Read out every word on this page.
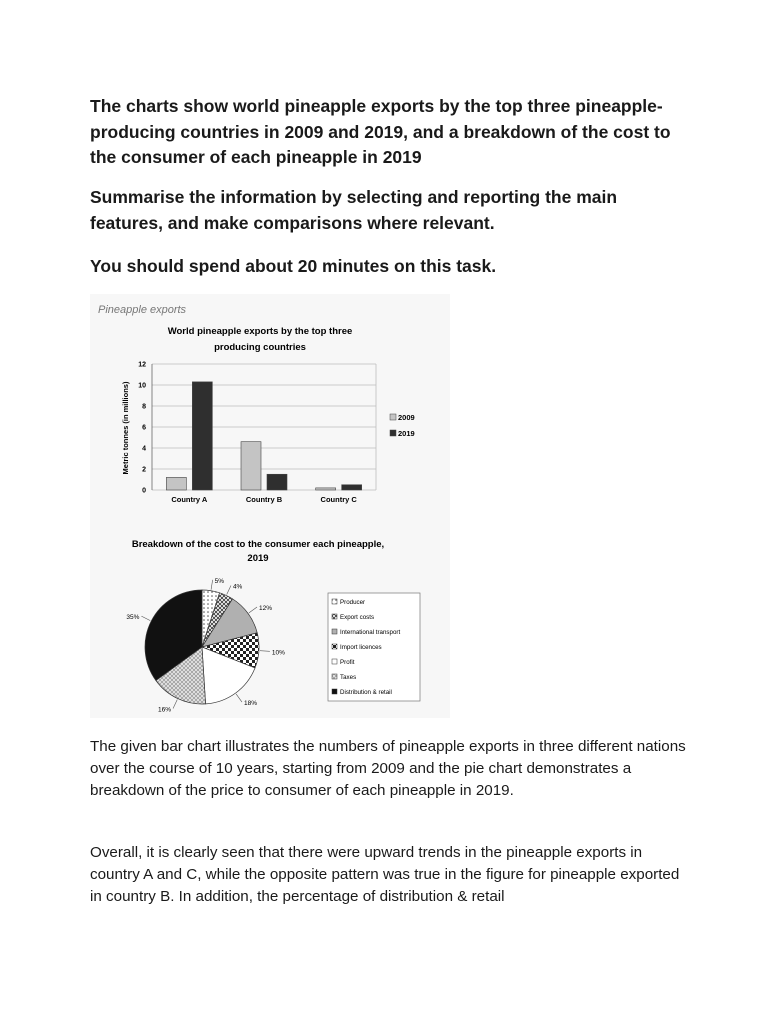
The charts show world pineapple exports by the top three pineapple-producing countries in 2009 and 2019, and a breakdown of the cost to the consumer of each pineapple in 2019

Summarise the information by selecting and reporting the main features, and make comparisons where relevant.

You should spend about 20 minutes on this task.

Pineapple exports
World pineapple exports by the top three
producing countries
Metric tonnes (in millions)
0
2
4
6
8
10
12
Country A	Country B	Country C
2009
2019
Breakdown of the cost to the consumer each pineapple,
2019
5%
4%
12%
10%
18%
16%
35%
Producer
Export costs
International transport
Import licences
Profit
Taxes
Distribution & retail

The given bar chart illustrates the numbers of pineapple exports in three different nations over the course of 10 years, starting from 2009 and the pie chart demonstrates a breakdown of the price to consumer of each pineapple in 2019.

Overall, it is clearly seen that there were upward trends in the pineapple exports in country A and C, while the opposite pattern was true in the figure for pineapple exported in country B. In addition, the percentage of distribution & retail
